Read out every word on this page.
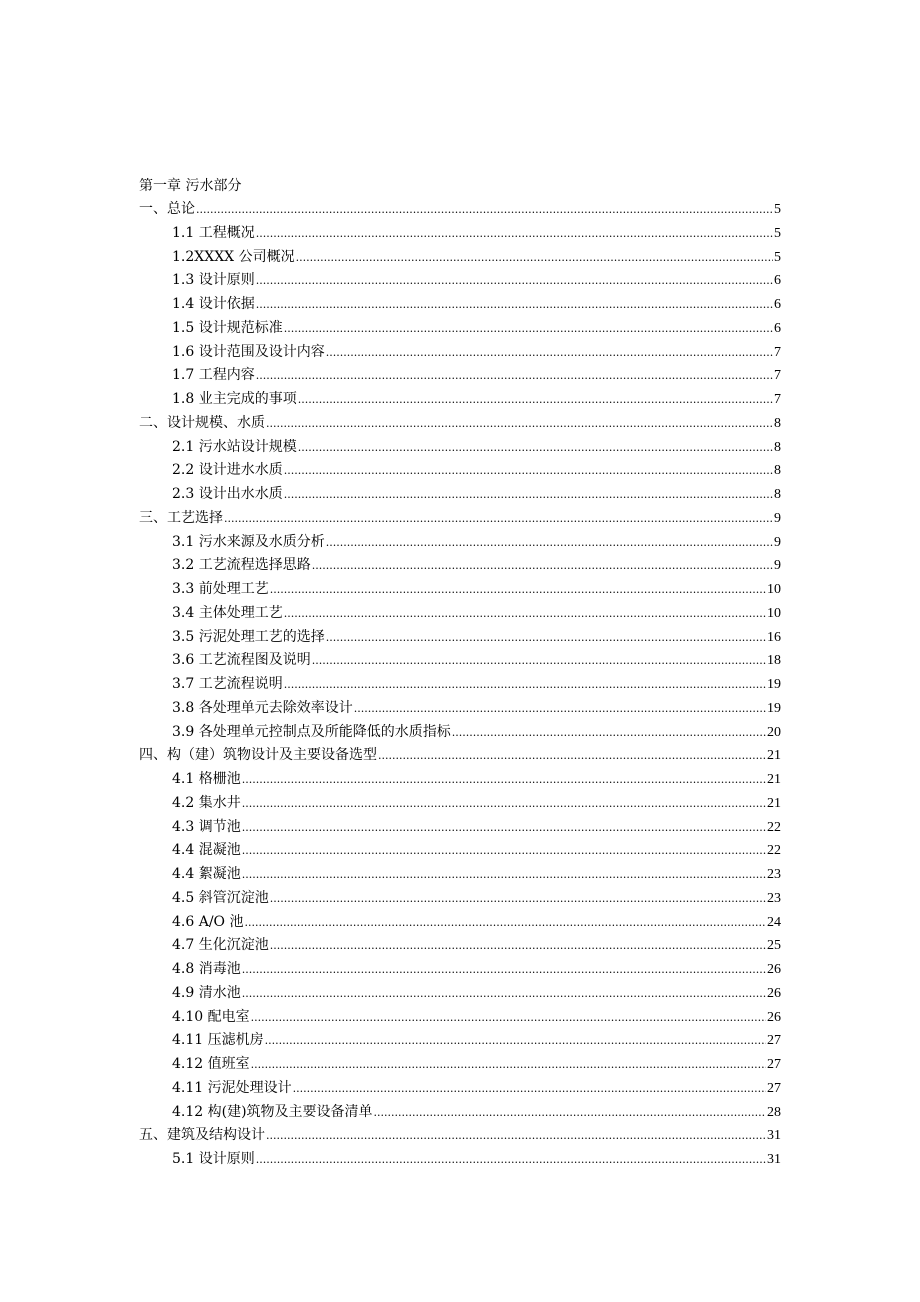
第一章 污水部分
一、总论 .....	5
1.1 工程概况 .....	5
1.2XXXX 公司概况 .....	5
1.3 设计原则 .....	6
1.4 设计依据 .....	6
1.5 设计规范标准 .....	6
1.6 设计范围及设计内容 .....	7
1.7 工程内容 .....	7
1.8 业主完成的事项 .....	7
二、设计规模、水质 .....	8
2.1 污水站设计规模 .....	8
2.2 设计进水水质 .....	8
2.3 设计出水水质 .....	8
三、工艺选择 .....	9
3.1 污水来源及水质分析 .....	9
3.2 工艺流程选择思路 .....	9
3.3 前处理工艺 .....	10
3.4 主体处理工艺 .....	10
3.5 污泥处理工艺的选择 .....	16
3.6 工艺流程图及说明 .....	18
3.7 工艺流程说明 .....	19
3.8 各处理单元去除效率设计 .....	19
3.9 各处理单元控制点及所能降低的水质指标 .....	20
四、构（建）筑物设计及主要设备选型 .....	21
4.1 格栅池 .....	21
4.2 集水井 .....	21
4.3 调节池 .....	22
4.4 混凝池 .....	22
4.4 絮凝池 .....	23
4.5 斜管沉淀池 .....	23
4.6 A/O 池 .....	24
4.7 生化沉淀池 .....	25
4.8 消毒池 .....	26
4.9 清水池 .....	26
4.10 配电室 .....	26
4.11 压滤机房 .....	27
4.12 值班室 .....	27
4.11 污泥处理设计 .....	27
4.12 构(建)筑物及主要设备清单 .....	28
五、建筑及结构设计 .....	31
5.1 设计原则 .....	31
